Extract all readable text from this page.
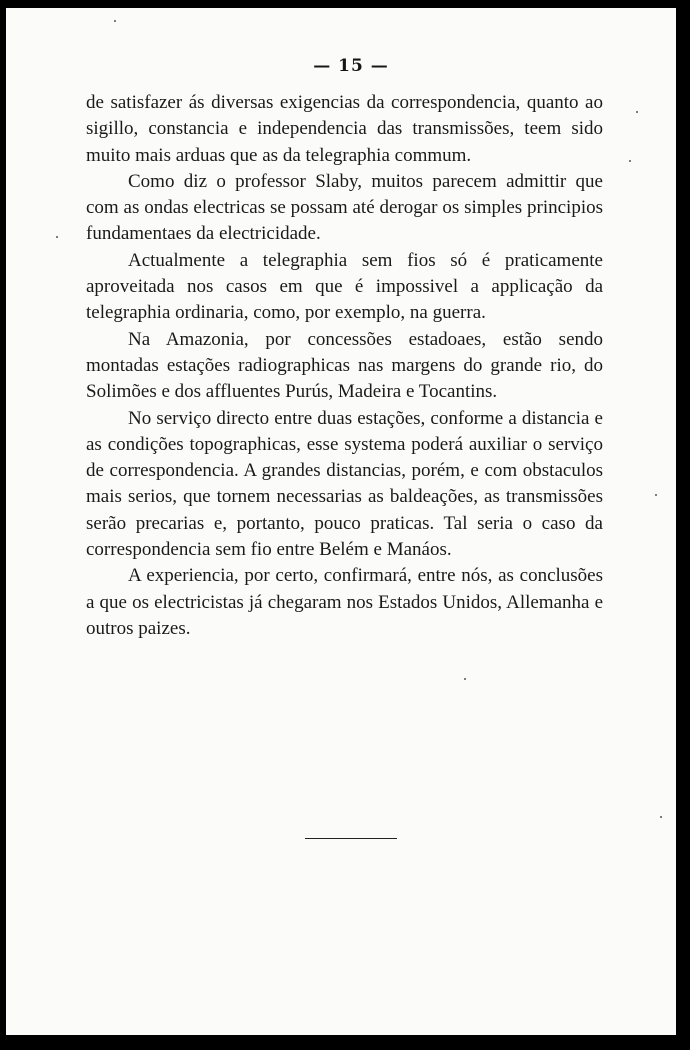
— 15 —

de satisfazer ás diversas exigencias da correspondencia, quanto ao sigillo, constancia e independencia das transmissões, teem sido muito mais arduas que as da telegraphia commum.

Como diz o professor Slaby, muitos parecem admittir que com as ondas electricas se possam até derogar os simples principios fundamentaes da electricidade.

Actualmente a telegraphia sem fios só é praticamente aproveitada nos casos em que é impossivel a applicação da telegraphia ordinaria, como, por exemplo, na guerra.

Na Amazonia, por concessões estadoaes, estão sendo montadas estações radiographicas nas margens do grande rio, do Solimões e dos affluentes Purús, Madeira e Tocantins.

No serviço directo entre duas estações, conforme a distancia e as condições topographicas, esse systema poderá auxiliar o serviço de correspondencia. A grandes distancias, porém, e com obstaculos mais serios, que tornem necessarias as baldeações, as transmissões serão precarias e, portanto, pouco praticas. Tal seria o caso da correspondencia sem fio entre Belém e Manáos.

A experiencia, por certo, confirmará, entre nós, as conclusões a que os electricistas já chegaram nos Estados Unidos, Allemanha e outros paizes.
